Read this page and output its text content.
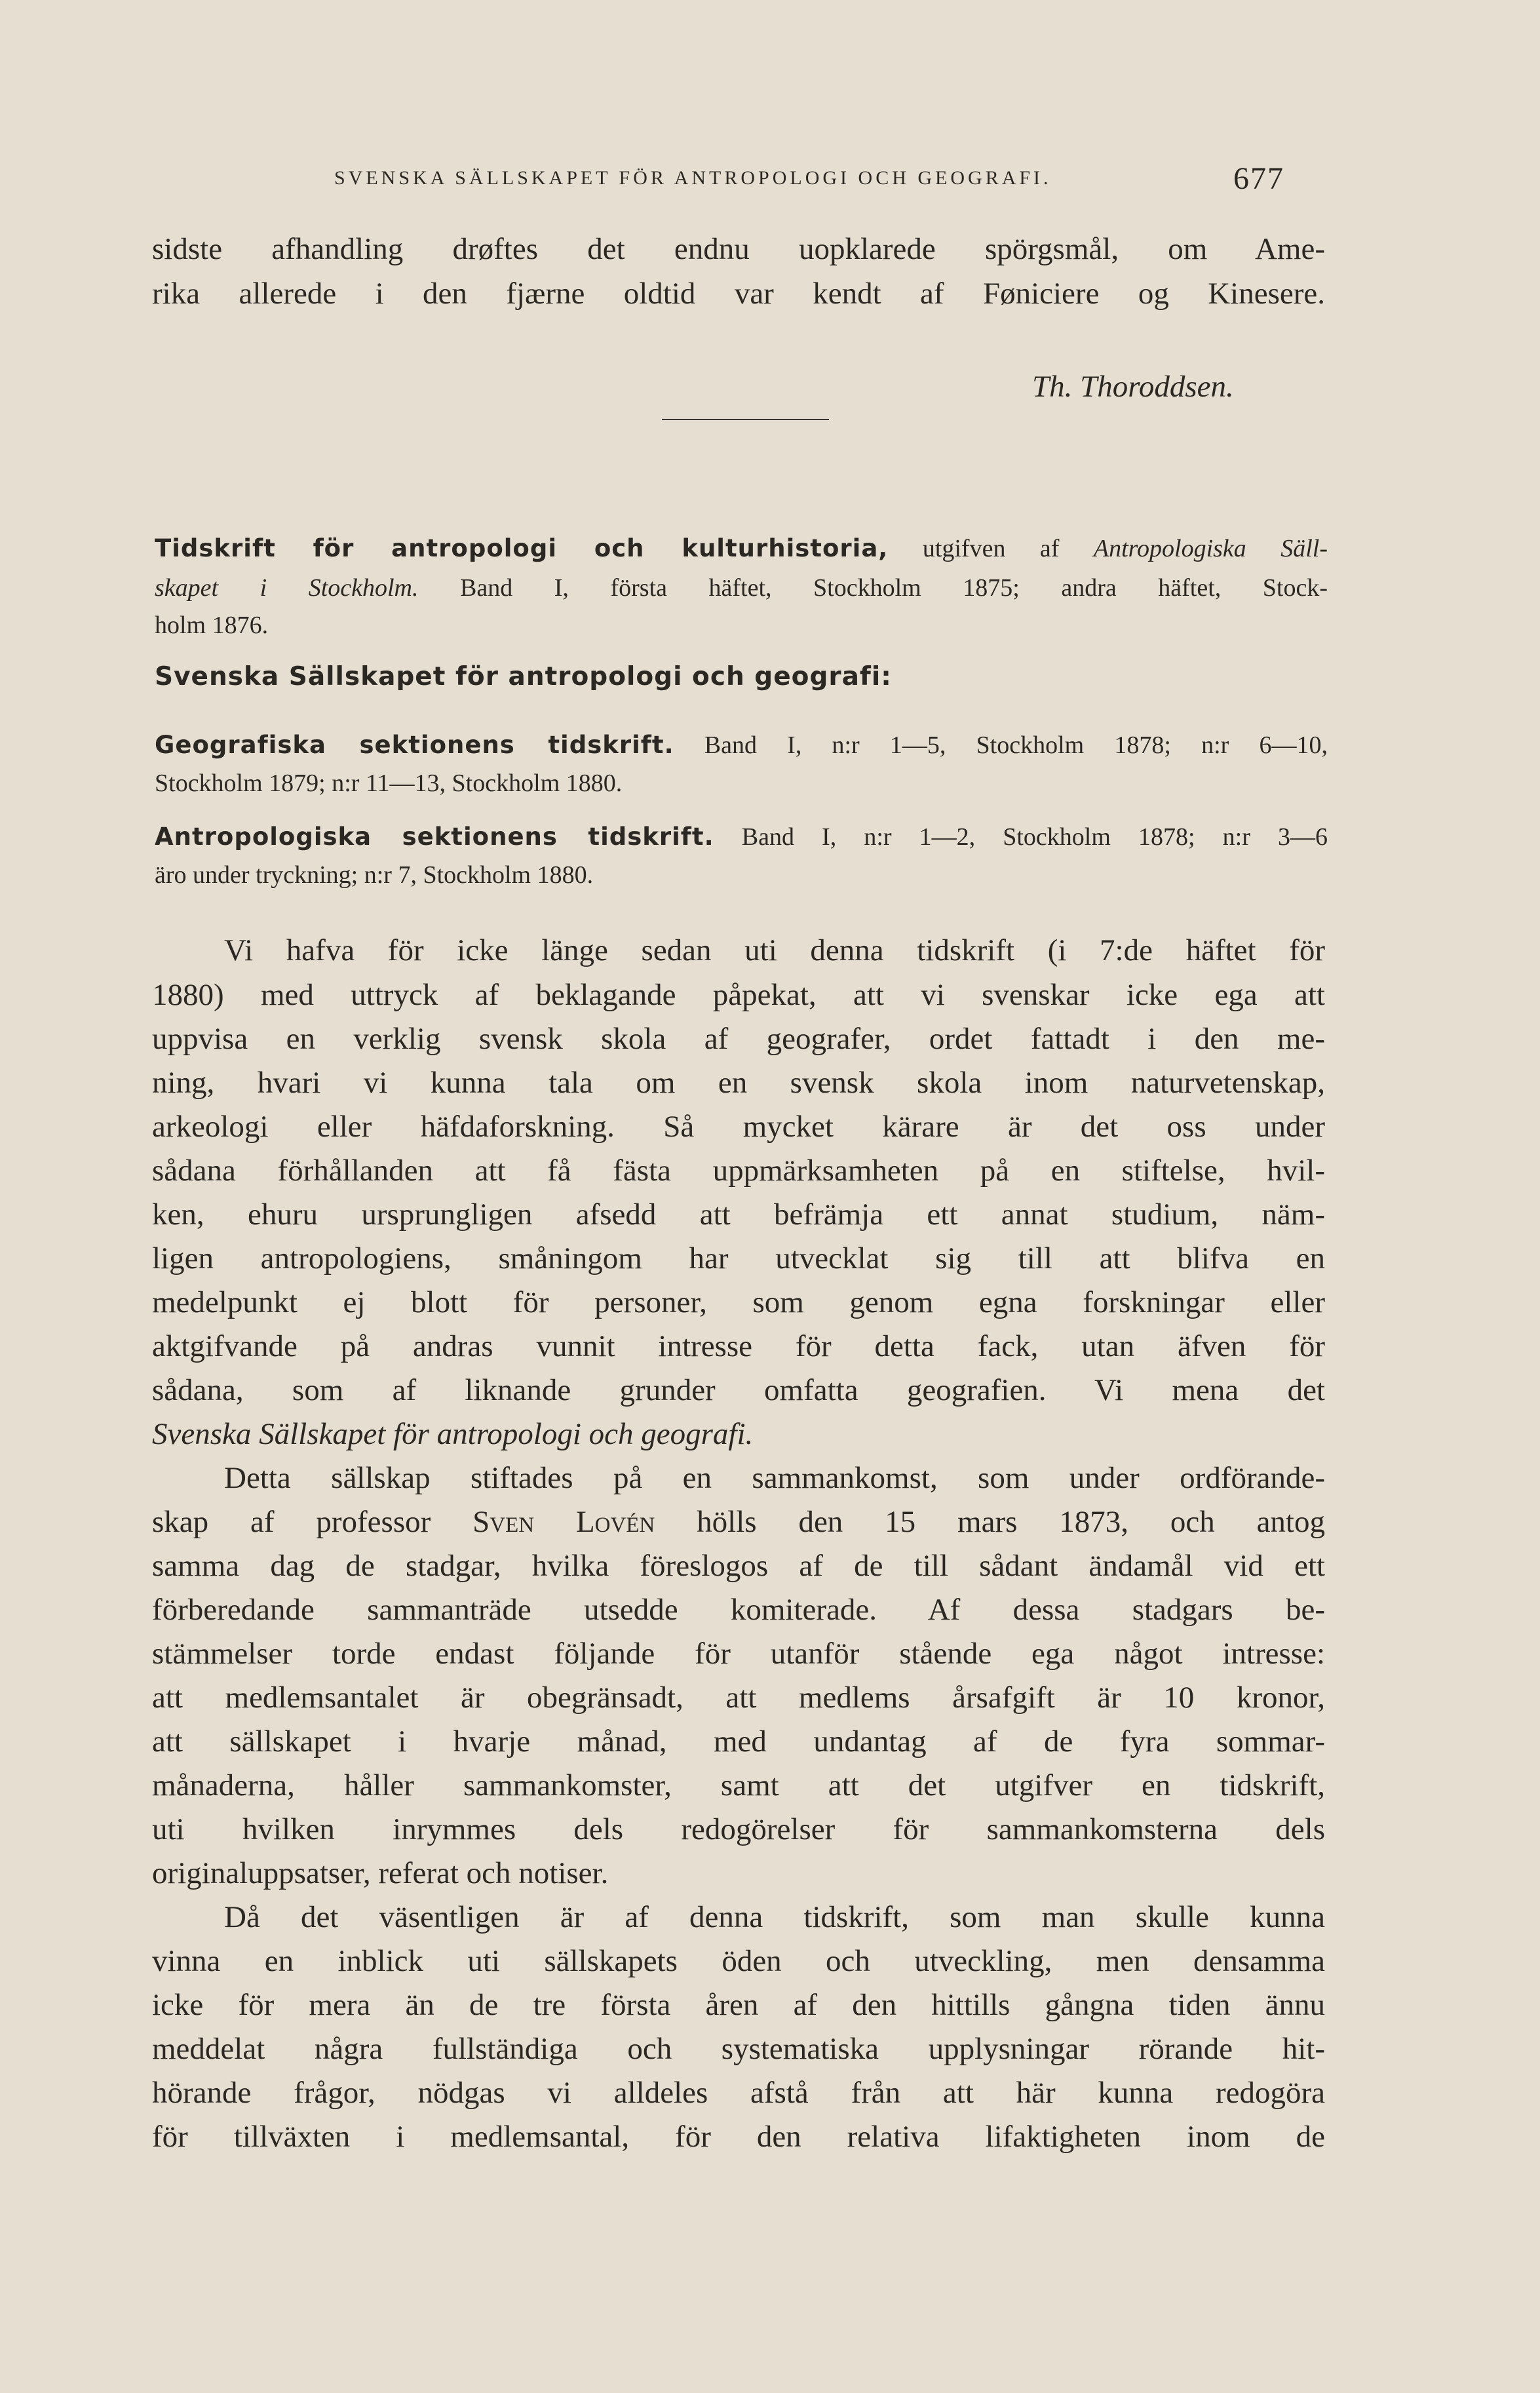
SVENSKA SÄLLSKAPET FÖR ANTROPOLOGI OCH GEOGRAFI.	677
sidste afhandling drøftes det endnu uopklarede spörgsmål, om Ame-
rika allerede i den fjærne oldtid var kendt af Føniciere og Kinesere.
Th. Thoroddsen.
Tidskrift för antropologi och kulturhistoria, utgifven af Antropologiska Säll-
skapet i Stockholm. Band I, första häftet, Stockholm 1875; andra häftet, Stock-
holm 1876.
Svenska Sällskapet för antropologi och geografi:
Geografiska sektionens tidskrift. Band I, n:r 1—5, Stockholm 1878; n:r 6—10,
Stockholm 1879; n:r 11—13, Stockholm 1880.
Antropologiska sektionens tidskrift. Band I, n:r 1—2, Stockholm 1878; n:r 3—6
äro under tryckning; n:r 7, Stockholm 1880.
Vi hafva för icke länge sedan uti denna tidskrift (i 7:de häftet för
1880) med uttryck af beklagande påpekat, att vi svenskar icke ega att
uppvisa en verklig svensk skola af geografer, ordet fattadt i den me-
ning, hvari vi kunna tala om en svensk skola inom naturvetenskap,
arkeologi eller häfdaforskning. Så mycket kärare är det oss under
sådana förhållanden att få fästa uppmärksamheten på en stiftelse, hvil-
ken, ehuru ursprungligen afsedd att befrämja ett annat studium, näm-
ligen antropologiens, småningom har utvecklat sig till att blifva en
medelpunkt ej blott för personer, som genom egna forskningar eller
aktgifvande på andras vunnit intresse för detta fack, utan äfven för
sådana, som af liknande grunder omfatta geografien. Vi mena det
Svenska Sällskapet för antropologi och geografi.
Detta sällskap stiftades på en sammankomst, som under ordförande-
skap af professor Sven Lovén hölls den 15 mars 1873, och antog
samma dag de stadgar, hvilka föreslogos af de till sådant ändamål vid ett
förberedande sammanträde utsedde komiterade. Af dessa stadgars be-
stämmelser torde endast följande för utanför stående ega något intresse:
att medlemsantalet är obegränsadt, att medlems årsafgift är 10 kronor,
att sällskapet i hvarje månad, med undantag af de fyra sommar-
månaderna, håller sammankomster, samt att det utgifver en tidskrift,
uti hvilken inrymmes dels redogörelser för sammankomsterna dels
originaluppsatser, referat och notiser.
Då det väsentligen är af denna tidskrift, som man skulle kunna
vinna en inblick uti sällskapets öden och utveckling, men densamma
icke för mera än de tre första åren af den hittills gångna tiden ännu
meddelat några fullständiga och systematiska upplysningar rörande hit-
hörande frågor, nödgas vi alldeles afstå från att här kunna redogöra
för tillväxten i medlemsantal, för den relativa lifaktigheten inom de
